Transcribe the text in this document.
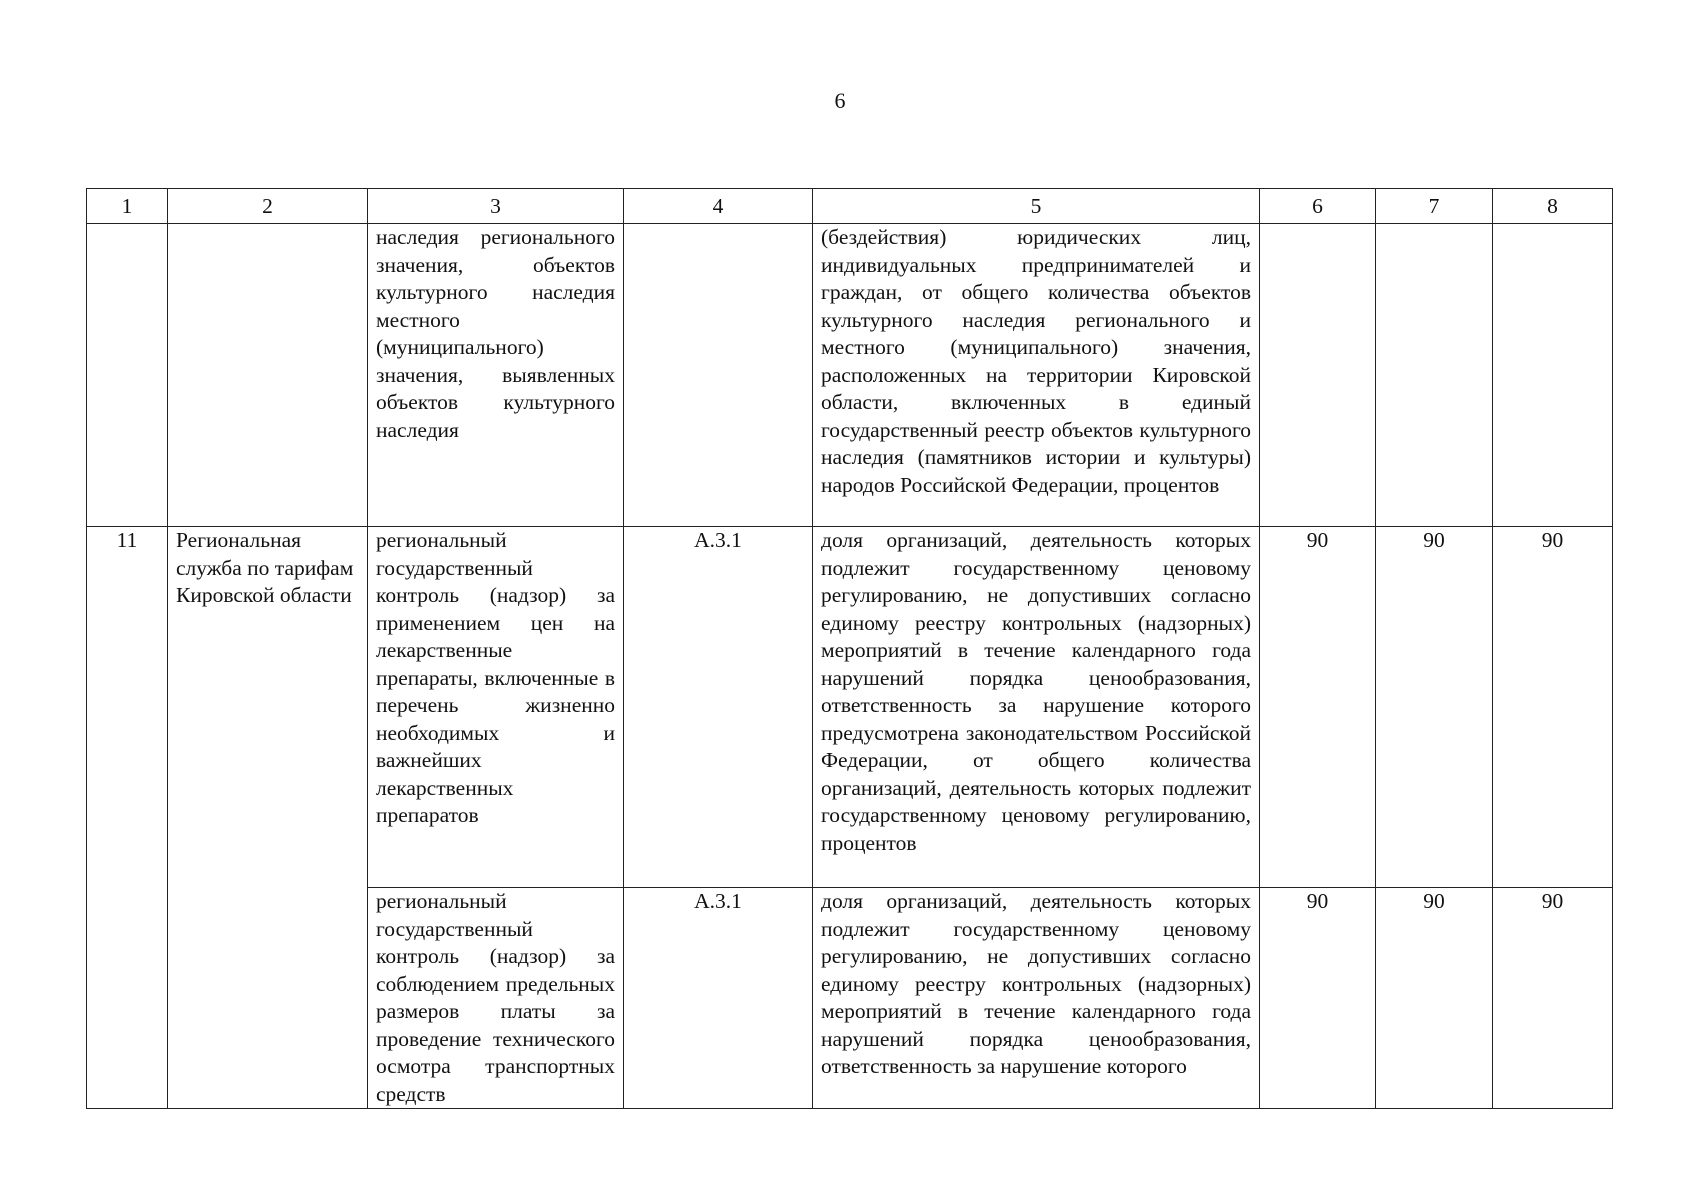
6
1	2	3	4	5	6	7	8

		наследия регионального значения, объектов культурного наследия местного (муниципального) значения, выявленных объектов культурного наследия		(бездействия) юридических лиц, индивидуальных предпринимателей и граждан, от общего количества объектов культурного наследия регионального и местного (муниципального) значения, расположенных на территории Кировской области, включенных в единый государственный реестр объектов культурного наследия (памятников истории и культуры) народов Российской Федерации, процентов			

11	Региональная служба по тарифам Кировской области	региональный государственный контроль (надзор) за применением цен на лекарственные препараты, включенные в перечень жизненно необходимых и важнейших лекарственных препаратов	А.3.1	доля организаций, деятельность которых подлежит государственному ценовому регулированию, не допустивших согласно единому реестру контрольных (надзорных) мероприятий в течение календарного года нарушений порядка ценообразования, ответственность за нарушение которого предусмотрена законодательством Российской Федерации, от общего количества организаций, деятельность которых подлежит государственному ценовому регулированию, процентов	90	90	90

		региональный государственный контроль (надзор) за соблюдением предельных размеров платы за проведение технического осмотра транспортных средств	А.3.1	доля организаций, деятельность которых подлежит государственному ценовому регулированию, не допустивших согласно единому реестру контрольных (надзорных) мероприятий в течение календарного года нарушений порядка ценообразования, ответственность за нарушение которого	90	90	90
